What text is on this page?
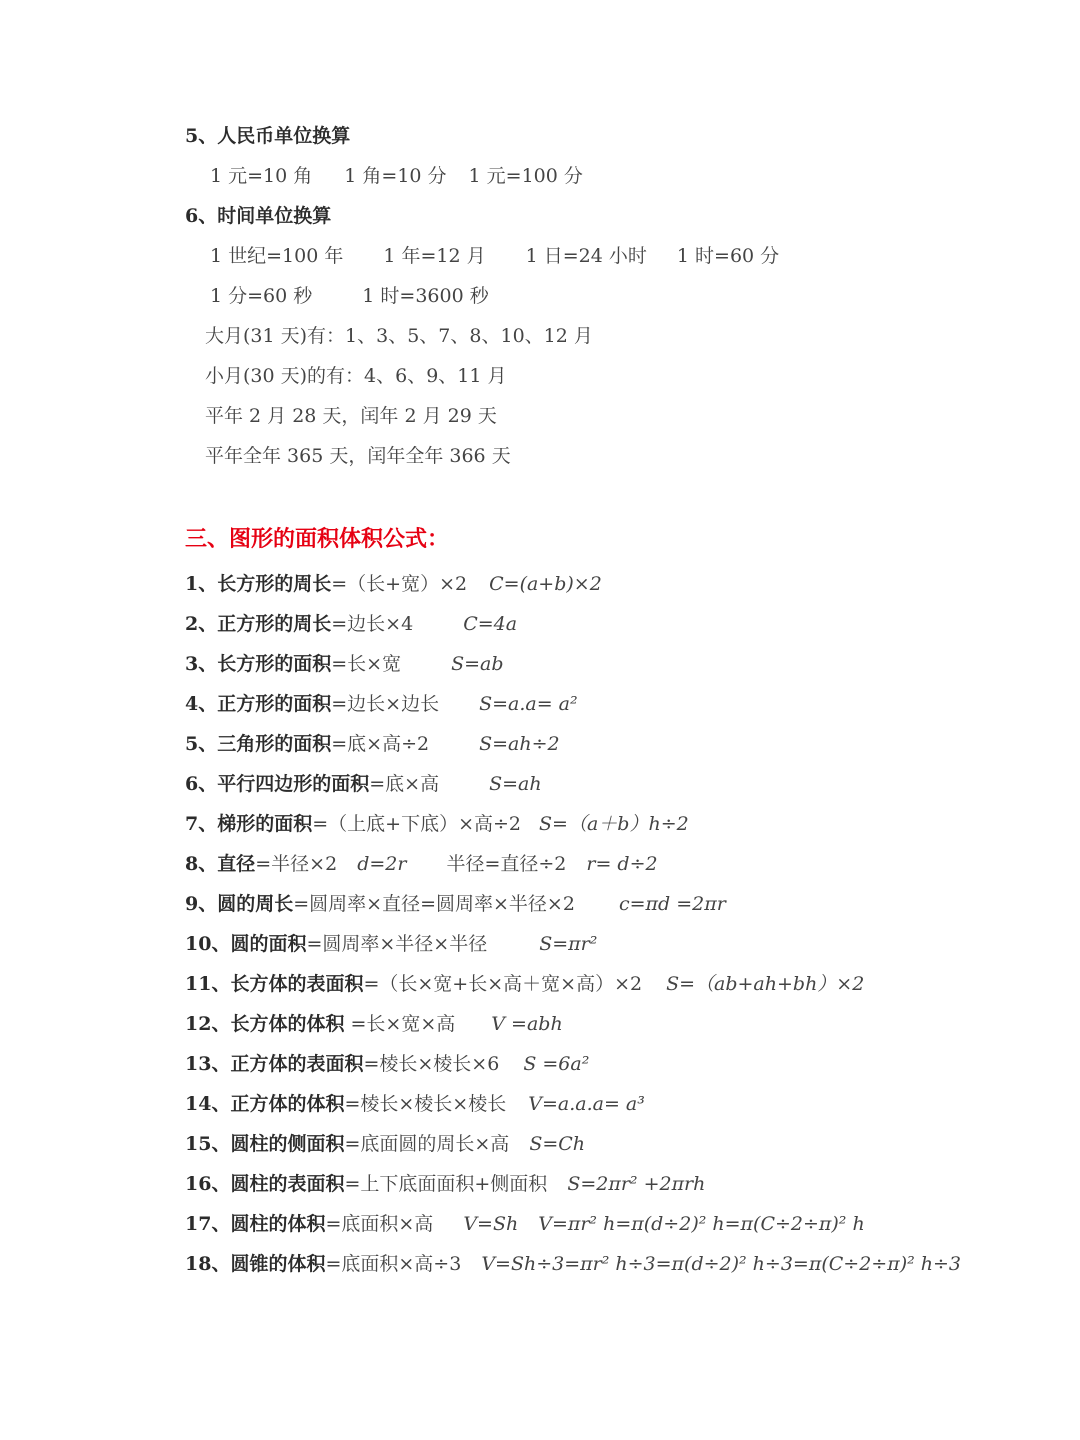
5、人民币单位换算
1 元=10 角 1 角=10 分 1 元=100 分
6、时间单位换算
1 世纪=100 年 1 年=12 月 1 日=24 小时 1 时=60 分
1 分=60 秒	1 时=3600 秒
大月(31 天)有：1、3、5、7、8、10、12 月
小月(30 天)的有：4、6、9、11 月
平年 2 月 28 天，闰年 2 月 29 天
平年全年 365 天，闰年全年 366 天
三、图形的面积体积公式：
1、长方形的周长=（长+宽）×2 C=(a+b)×2
2、正方形的周长=边长×4	C=4a
3、长方形的面积=长×宽	S=ab
4、正方形的面积=边长×边长 S=a.a= a²
5、三角形的面积=底×高÷2	S=ah÷2
6、平行四边形的面积=底×高	S=ah
7、梯形的面积=（上底+下底）×高÷2 S=（a＋b）h÷2
8、直径=半径×2 d=2r 半径=直径÷2 r= d÷2
9、圆的周长=圆周率×直径=圆周率×半径×2 c=πd =2πr
10、圆的面积=圆周率×半径×半径	S=πr²
11、长方体的表面积=（长×宽+长×高＋宽×高）×2 S=（ab+ah+bh）×2
12、长方体的体积 =长×宽×高 V =abh
13、正方体的表面积=棱长×棱长×6 S =6a²
14、正方体的体积=棱长×棱长×棱长 V=a.a.a= a³
15、圆柱的侧面积=底面圆的周长×高 S=Ch
16、圆柱的表面积=上下底面面积+侧面积 S=2πr² +2πrh
17、圆柱的体积=底面积×高 V=Sh V=πr² h=π(d÷2)² h=π(C÷2÷π)² h
18、圆锥的体积=底面积×高÷3 V=Sh÷3=πr² h÷3=π(d÷2)² h÷3=π(C÷2÷π)² h÷3
